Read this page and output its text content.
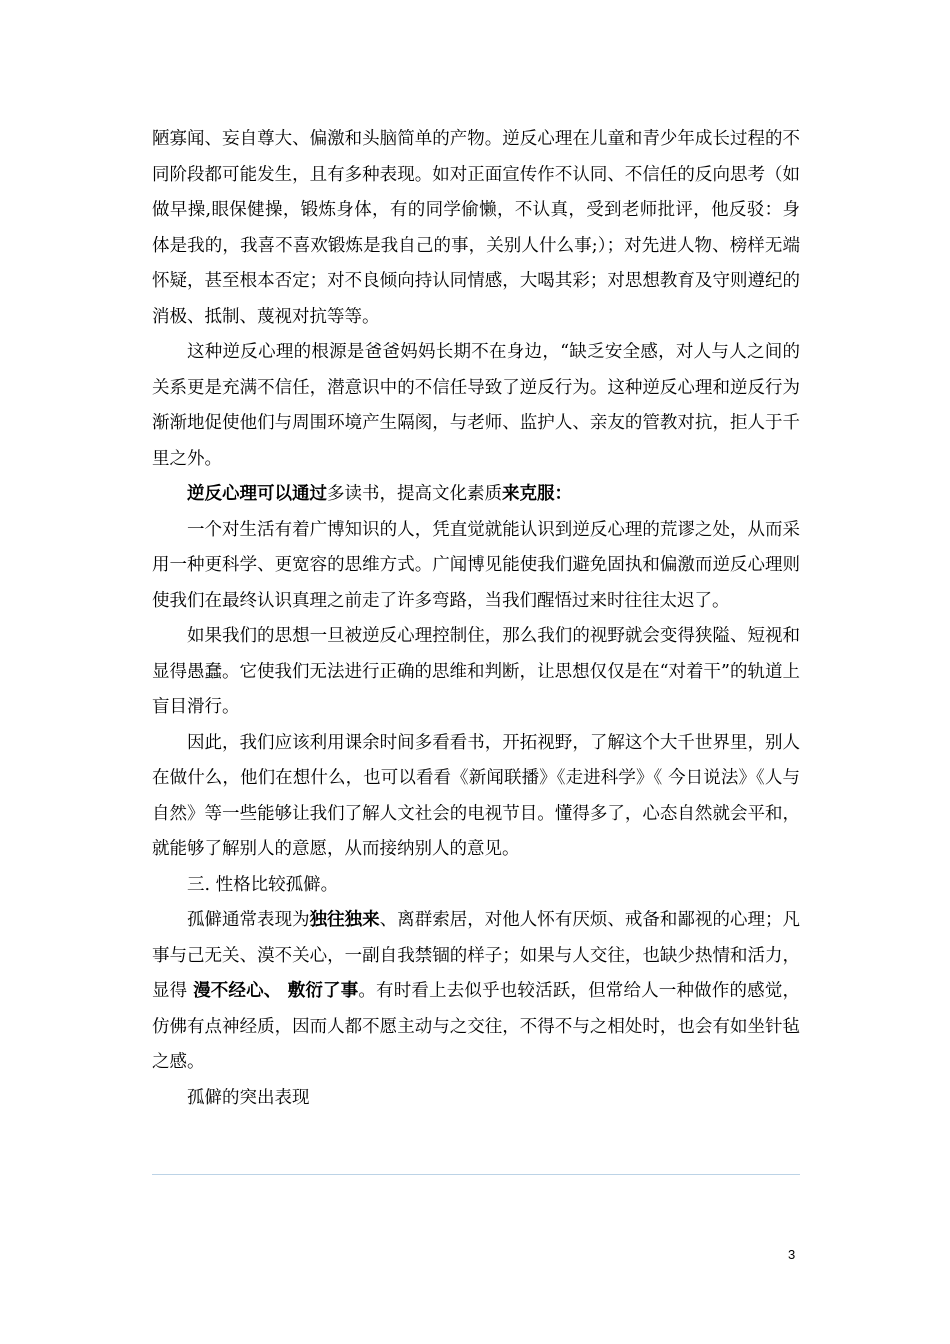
陋寡闻、妄自尊大、偏激和头脑简单的产物。逆反心理在儿童和青少年成长过程的不同阶段都可能发生，且有多种表现。如对正面宣传作不认同、不信任的反向思考（如做早操,眼保健操，锻炼身体，有的同学偷懒，不认真，受到老师批评，他反驳：身体是我的，我喜不喜欢锻炼是我自己的事，关别人什么事;）；对先进人物、榜样无端怀疑，甚至根本否定；对不良倾向持认同情感，大喝其彩；对思想教育及守则遵纪的消极、抵制、蔑视对抗等等。

这种逆反心理的根源是爸爸妈妈长期不在身边，“缺乏安全感，对人与人之间的关系更是充满不信任，潜意识中的不信任导致了逆反行为。这种逆反心理和逆反行为渐渐地促使他们与周围环境产生隔阂，与老师、监护人、亲友的管教对抗，拒人于千里之外。

逆反心理可以通过多读书，提高文化素质来克服：

一个对生活有着广博知识的人，凭直觉就能认识到逆反心理的荒谬之处，从而采用一种更科学、更宽容的思维方式。广闻博见能使我们避免固执和偏激而逆反心理则使我们在最终认识真理之前走了许多弯路，当我们醒悟过来时往往太迟了。

如果我们的思想一旦被逆反心理控制住，那么我们的视野就会变得狭隘、短视和显得愚蠢。它使我们无法进行正确的思维和判断，让思想仅仅是在“对着干”的轨道上盲目滑行。

因此，我们应该利用课余时间多看看书，开拓视野，了解这个大千世界里，别人在做什么，他们在想什么，也可以看看《新闻联播》《走进科学》《 今日说法》《人与自然》等一些能够让我们了解人文社会的电视节目。懂得多了，心态自然就会平和，就能够了解别人的意愿，从而接纳别人的意见。

三. 性格比较孤僻。

孤僻通常表现为独往独来、离群索居，对他人怀有厌烦、戒备和鄙视的心理；凡事与己无关、漠不关心，一副自我禁锢的样子；如果与人交往，也缺少热情和活力，显得 漫不经心、 敷衍了事。有时看上去似乎也较活跃，但常给人一种做作的感觉，仿佛有点神经质，因而人都不愿主动与之交往，不得不与之相处时，也会有如坐针毡之感。

孤僻的突出表现

3
